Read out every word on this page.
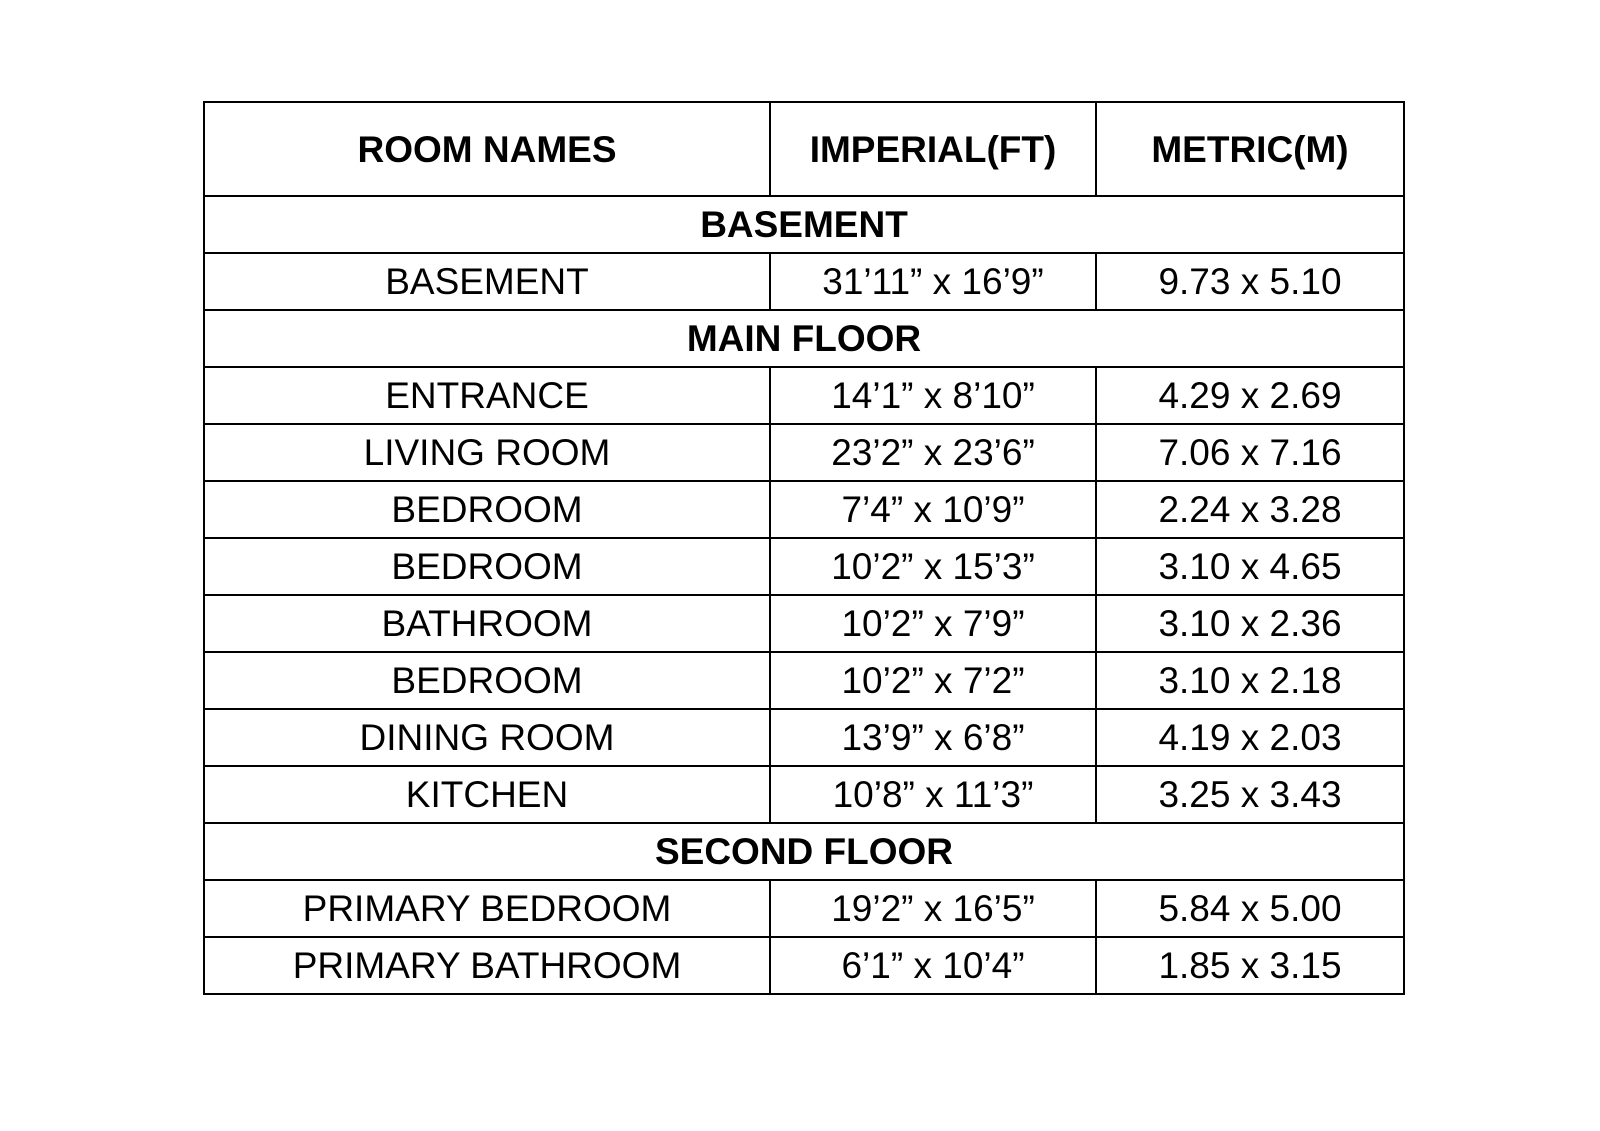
ROOM NAMES	IMPERIAL(FT)	METRIC(M)
BASEMENT		
BASEMENT	31’11” x 16’9”	9.73 x 5.10
MAIN FLOOR		
ENTRANCE	14’1” x 8’10”	4.29 x 2.69
LIVING ROOM	23’2” x 23’6”	7.06 x 7.16
BEDROOM	7’4” x 10’9”	2.24 x 3.28
BEDROOM	10’2” x 15’3”	3.10 x 4.65
BATHROOM	10’2” x 7’9”	3.10 x 2.36
BEDROOM	10’2” x 7’2”	3.10 x 2.18
DINING ROOM	13’9” x 6’8”	4.19 x 2.03
KITCHEN	10’8” x 11’3”	3.25 x 3.43
SECOND FLOOR		
PRIMARY BEDROOM	19’2” x 16’5”	5.84 x 5.00
PRIMARY BATHROOM	6’1” x 10’4”	1.85 x 3.15
